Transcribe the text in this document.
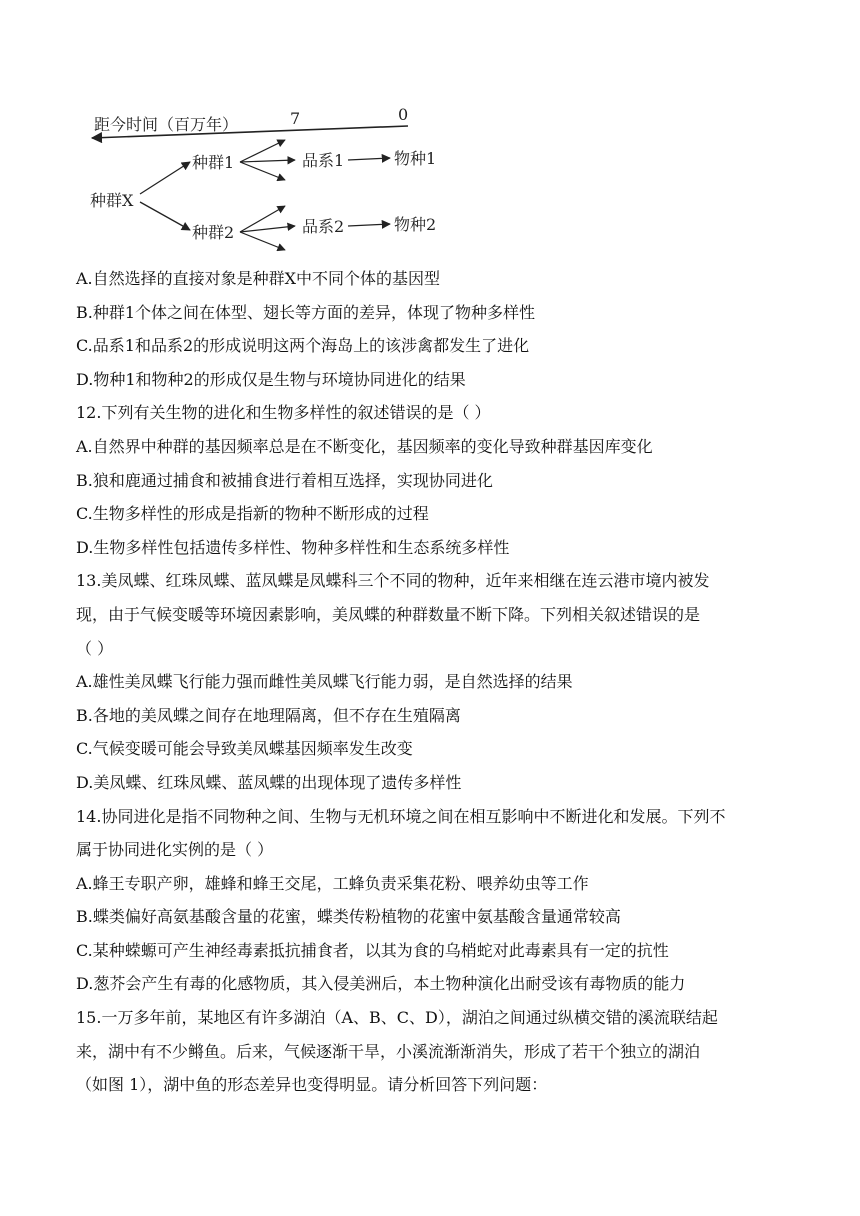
距今时间（百万年）	7	0
种群X
种群1
种群2
品系1
品系2
物种1
物种2
A.自然选择的直接对象是种群X中不同个体的基因型
B.种群1个体之间在体型、翅长等方面的差异，体现了物种多样性
C.品系1和品系2的形成说明这两个海岛上的该涉禽都发生了进化
D.物种1和物种2的形成仅是生物与环境协同进化的结果
12.下列有关生物的进化和生物多样性的叙述错误的是（ ）
A.自然界中种群的基因频率总是在不断变化，基因频率的变化导致种群基因库变化
B.狼和鹿通过捕食和被捕食进行着相互选择，实现协同进化
C.生物多样性的形成是指新的物种不断形成的过程
D.生物多样性包括遗传多样性、物种多样性和生态系统多样性
13.美凤蝶、红珠凤蝶、蓝凤蝶是凤蝶科三个不同的物种，近年来相继在连云港市境内被发
现，由于气候变暖等环境因素影响，美凤蝶的种群数量不断下降。下列相关叙述错误的是
（ ）
A.雄性美凤蝶飞行能力强而雌性美凤蝶飞行能力弱，是自然选择的结果
B.各地的美凤蝶之间存在地理隔离，但不存在生殖隔离
C.气候变暖可能会导致美凤蝶基因频率发生改变
D.美凤蝶、红珠凤蝶、蓝凤蝶的出现体现了遗传多样性
14.协同进化是指不同物种之间、生物与无机环境之间在相互影响中不断进化和发展。下列不
属于协同进化实例的是（ ）
A.蜂王专职产卵，雄蜂和蜂王交尾，工蜂负责采集花粉、喂养幼虫等工作
B.蝶类偏好高氨基酸含量的花蜜，蝶类传粉植物的花蜜中氨基酸含量通常较高
C.某种蝾螈可产生神经毒素抵抗捕食者，以其为食的乌梢蛇对此毒素具有一定的抗性
D.葱芥会产生有毒的化感物质，其入侵美洲后，本土物种演化出耐受该有毒物质的能力
15.一万多年前，某地区有许多湖泊（A、B、C、D），湖泊之间通过纵横交错的溪流联结起
来，湖中有不少鳉鱼。后来，气候逐渐干旱，小溪流渐渐消失，形成了若干个独立的湖泊
（如图 1），湖中鱼的形态差异也变得明显。请分析回答下列问题：
